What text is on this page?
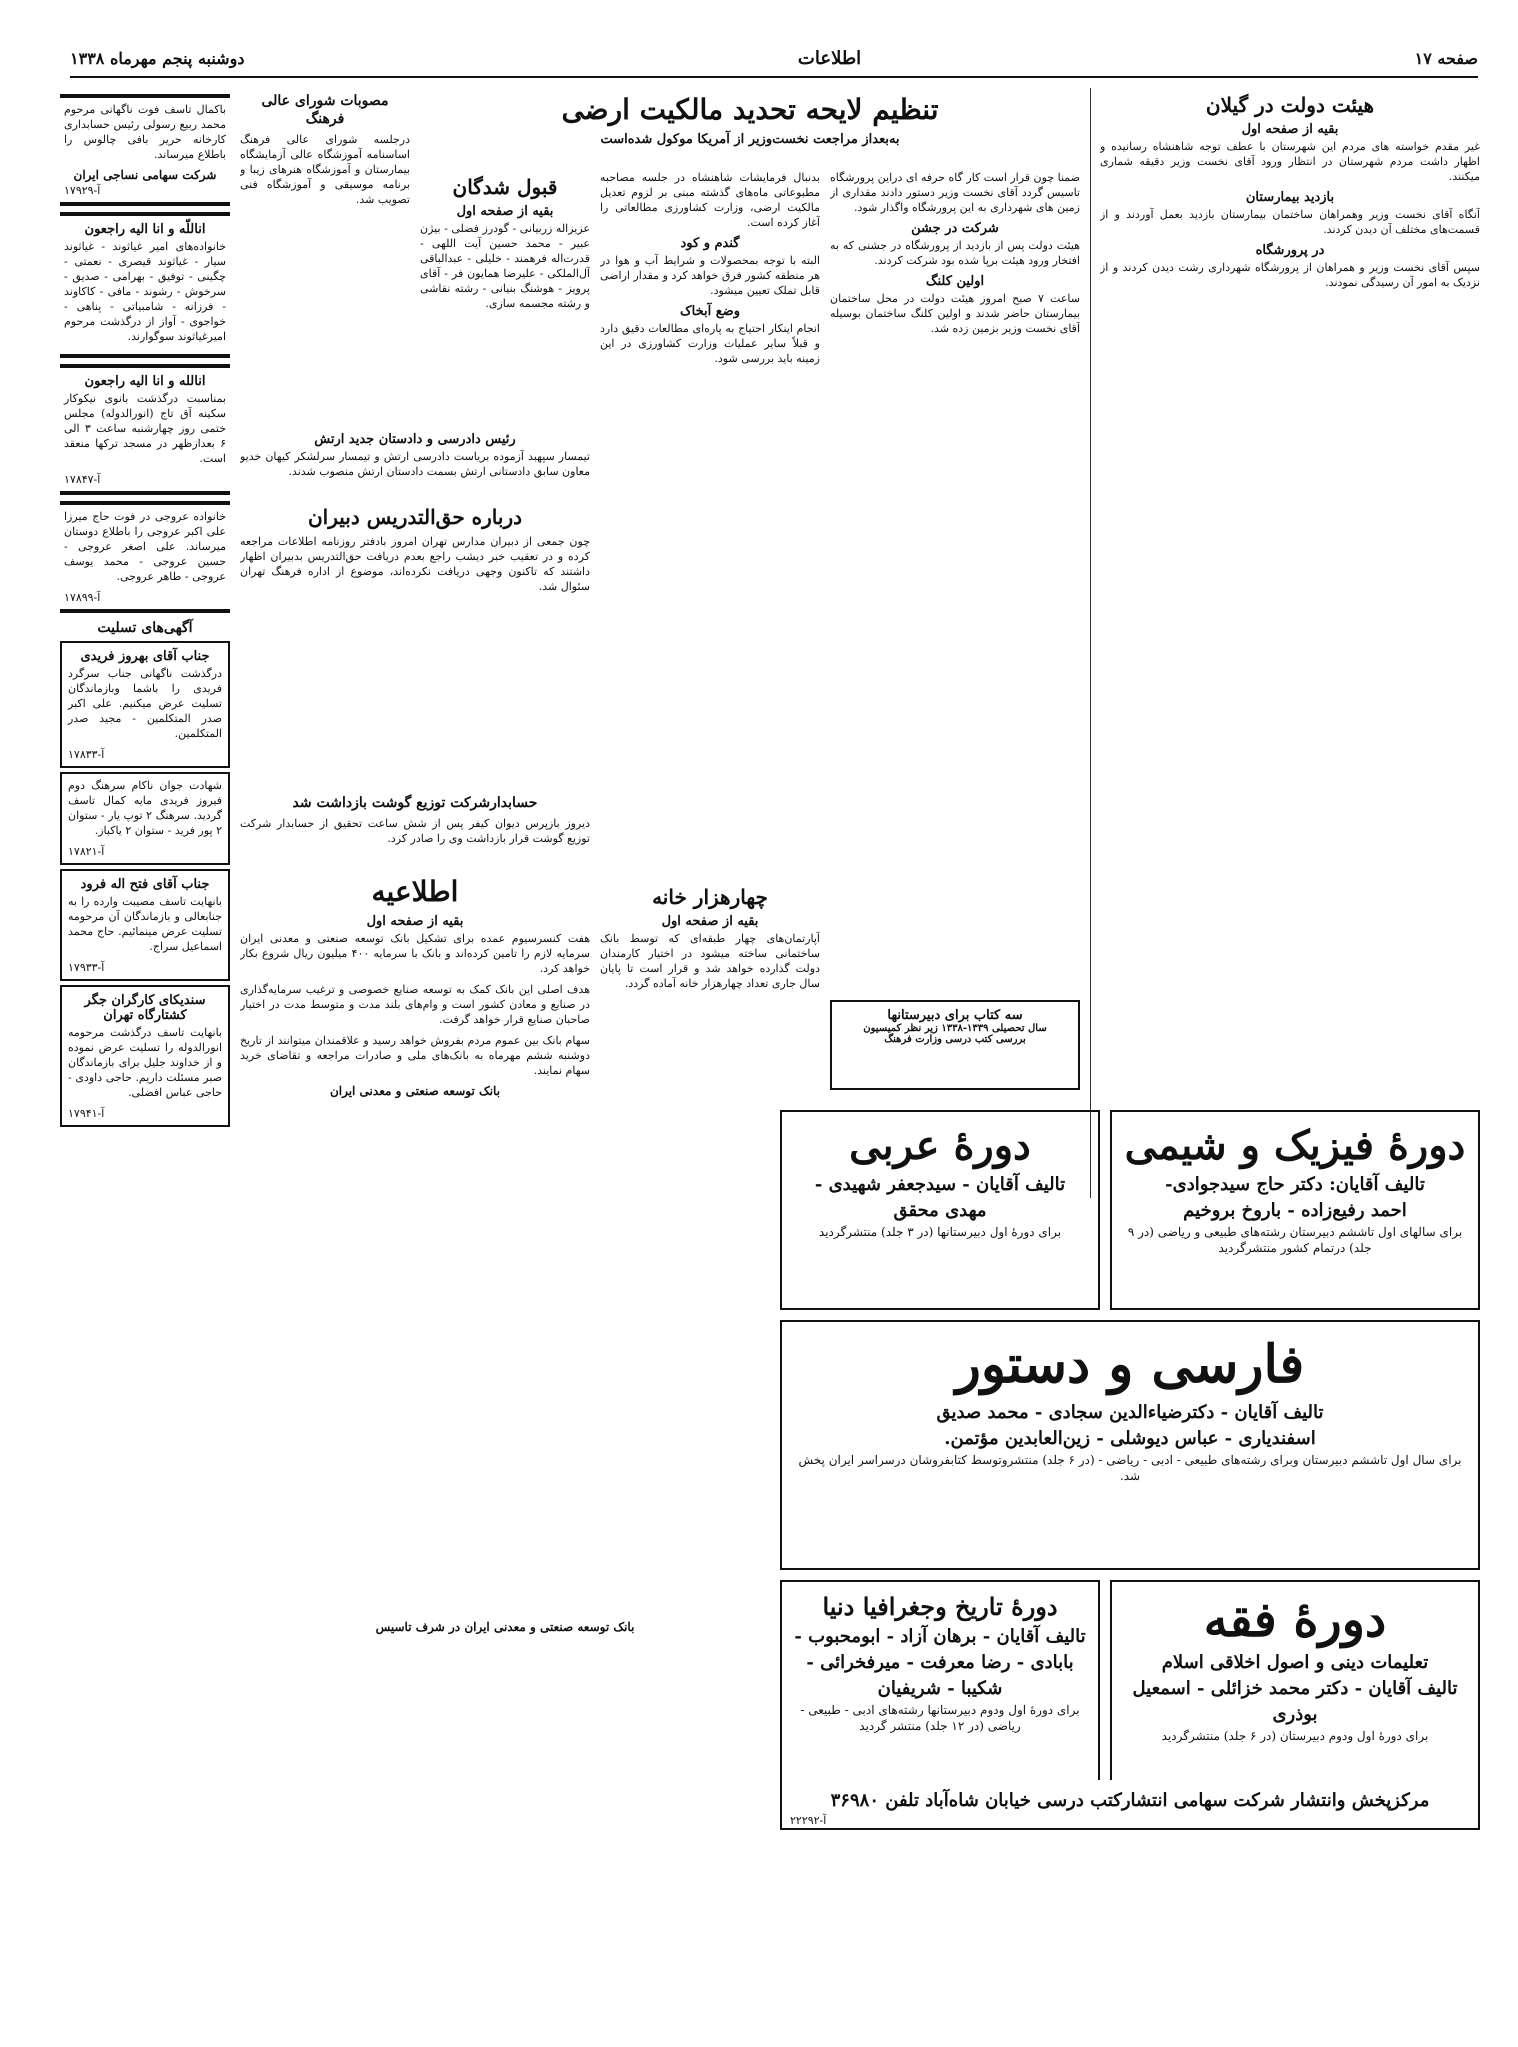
صفحه ۱۷
اطلاعات
دوشنبه پنجم مهرماه ۱۳۳۸
هیئت دولت در گیلان
بقیه از صفحه اول

غیر مقدم خواسته های مردم این شهرستان با عطف توجه شاهنشاه رسانیده و اظهار داشت مردم شهرستان در انتظار ورود آقای نخست وزیر دقیقه شماری میکنند.

بازدید بیمارستان

آنگاه آقای نخست وزیر وهمراهان ساختمان بیمارستان بازدید بعمل آوردند و از قسمت‌های مختلف آن دیدن کردند.

در پرورشگاه

سپس آقای نخست وزیر و همراهان از پرورشگاه شهرداری رشت دیدن کردند و از نزدیک به امور آن رسیدگی نمودند.

ضمنا چون قرار است کار گاه حرفه ای دراین پرورشگاه تاسیس گردد آقای نخست وزیر دستور دادند مقداری از زمین های شهرداری به این پرورشگاه واگذار شود.

شرکت در جشن

هیئت دولت پس از بازدید از پرورشگاه در جشنی که به افتخار ورود هیئت برپا شده بود شرکت کردند.

اولین کلنگ

ساعت ۷ صبح امروز هیئت دولت در محل ساختمان بیمارستان حاضر شدند و اولین کلنگ ساختمان بوسیله آقای نخست وزیر بزمین زده شد.

تنظیم لایحه تحدید مالکیت ارضی
به‌بعداز مراجعت نخست‌وزیر از آمریکا موکول شده‌است

بدنبال فرمایشات شاهنشاه در جلسه مصاحبه مطبوعاتی ماه‌های گذشته مبنی بر لزوم تعدیل مالکیت ارضی، وزارت کشاورزی مطالعاتی را آغاز کرده است.

گندم و کود

البته با توجه بمحصولات و شرایط آب و هوا در هر منطقه کشور فرق خواهد کرد و مقدار اراضی قابل تملک تعیین میشود.

وضع آبخاک

انجام اینکار احتیاج به پاره‌ای مطالعات دقیق دارد و قبلاً سایر عملیات وزارت کشاورزی در این زمینه باید بررسی شود.

قبول شدگان
بقیه از صفحه اول

عزیزاله زربیانی - گودرز فضلی - بیژن عبیر - محمد حسین آیت اللهی - قدرت‌اله فرهمند - خلیلی - عبدالباقی آل‌الملکی - علیرضا همایون فر - آقای پرویز - هوشنگ بنیانی - رشته‌ نقاشی و رشته مجسمه سازی.

چهارهزار خانه
بقیه از صفحه اول

آپارتمان‌های چهار طبقه‌ای که توسط بانک ساختمانی ساخته میشود در اختیار کارمندان دولت گذارده خواهد شد و قرار است تا پایان سال جاری تعداد چهارهزار خانه آماده گردد.

مصوبات شورای عالی فرهنگ

درجلسه شورای عالی فرهنگ اساسنامه آموزشگاه عالی آزمایشگاه بیمارستان و آموزشگاه هنرهای زیبا و برنامه موسیقی و آموزشگاه فنی تصویب شد.

رئیس دادرسی و دادستان جدید ارتش

تیمسار سپهبد آزموده بریاست دادرسی ارتش و تیمسار سرلشکر کیهان خدیو معاون سابق دادستانی ارتش بسمت دادستان ارتش منصوب شدند.

درباره حق‌التدریس دبیران

چون جمعی از دبیران مدارس تهران امروز بادفتر روزنامه اطلاعات مراجعه کرده و در تعقیب خبر دیشب راجع بعدم دریافت حق‌التدریس بدبیران اظهار داشتند که تاکنون وجهی دریافت نکرده‌اند، موضوع از اداره فرهنگ تهران سئوال شد.

حسابدارشرکت توزیع گوشت بازداشت شد

دیروز بازپرس دیوان کیفر پس از شش ساعت تحقیق از حسابدار شرکت توزیع گوشت قرار بازداشت وی را صادر کرد.

اطلاعیه
بقیه از صفحه اول

هفت کنسرسیوم عمده برای تشکیل بانک توسعه صنعتی و معدنی ایران سرمایه لازم را تامین کرده‌اند و بانک با سرمایه ۴۰۰ میلیون ریال شروع بکار خواهد کرد.

هدف اصلی این بانک کمک به توسعه صنایع خصوصی و ترغیب سرمایه‌گذاری در صنایع و معادن کشور است و وام‌های بلند مدت و متوسط مدت در اختیار صاحبان صنایع قرار خواهد گرفت.

سهام بانک بین عموم مردم بفروش خواهد رسید و علاقمندان میتوانند از تاریخ دوشنبه ششم مهرماه به بانک‌های ملی و صادرات مراجعه و تقاضای خرید سهام نمایند.

بانک توسعه صنعتی و معدنی ایران

باکمال تاسف فوت ناگهانی مرحوم محمد ربیع رسولی رئیس حسابداری کارخانه حریر بافی چالوس را باطلاع میرساند.

شرکت سهامی نساجی ایران
آ-۱۷۹۲۹
اناللّه و انا الیه راجعون

خانواده‌های امیر غیاثوند - غیاثوند سیار - غیاثوند قیصری - نعمتی - چگینی - توفیق - بهرامی - صدیق - سرخوش - رشوند - مافی - کاکاوند - فرزانه - شامبیاتی - پناهی - خواجوی - آواز از درگذشت مرحوم امیرغیاثوند سوگوارند.

انالله و انا الیه راجعون

بمناسبت درگذشت بانوی نیکوکار سکینه آق تاج (انورالدوله) مجلس ختمی روز چهارشنبه ساعت ۳ الی ۶ بعدازظهر در مسجد ترکها منعقد است.

آ-۱۷۸۴۷

خانواده عروجی در فوت حاج میرزا علی اکبر عروجی را باطلاع دوستان میرساند. علی اصغر عروجی - حسین عروجی - محمد یوسف عروجی - طاهر عروجی.

آ-۱۷۸۹۹
آگهی‌های تسلیت
جناب آقای بهروز فریدی

درگذشت ناگهانی جناب سرگرد فریدی را باشما وبازماندگان تسلیت عرض میکنیم. علی اکبر صدر المتکلمین - مجید صدر المتکلمین.

آ-۱۷۸۳۳

شهادت جوان ناکام سرهنگ دوم فیروز فریدی مایه کمال تاسف گردید. سرهنگ ۲ توپ یار - ستوان ۲ پور فرید - ستوان ۲ یاکباز.

آ-۱۷۸۲۱
جناب آقای فتح اله فرود

بانهایت تاسف مصیبت وارده را به جنابعالی و بازماندگان آن مرحومه تسلیت عرض مینمائیم. حاج محمد اسماعیل سراج.

آ-۱۷۹۳۳
سندیکای کارگران جگر کشتارگاه تهران

بانهایت تاسف درگذشت مرحومه انورالدوله را تسلیت عرض نموده و از خداوند جلیل برای بازماندگان صبر مسئلت داریم. حاجی داودی - حاجی عباس افضلی.

آ-۱۷۹۴۱
سه کتاب برای دبیرستانها
سال تحصیلی ۱۳۳۹-۱۳۳۸ زیر نظر کمیسیون
بررسی کتب درسی وزارت فرهنگ
دورهٔ فیزیک و شیمی
تالیف آقایان: دکتر حاج سیدجوادی-
احمد رفیع‌زاده - باروخ بروخیم
برای سالهای اول تاششم دبیرستان رشته‌های طبیعی و ریاضی (در ۹ جلد) درتمام کشور منتشرگردید
دورهٔ عربی
تالیف آقایان - سیدجعفر شهیدی -
مهدی محقق
برای دورهٔ اول دبیرستانها (در ۳ جلد) منتشرگردید
فارسی و دستور
تالیف آقایان - دکترضیاءالدین سجادی - محمد صدیق
اسفندیاری - عباس دیوشلی - زین‌العابدین مؤتمن.
برای سال اول تاششم دبیرستان وبرای رشته‌های طبیعی - ادبی - ریاضی - (در ۶ جلد) منتشروتوسط کتابفروشان درسراسر ایران پخش شد.
دورهٔ فقه
تعلیمات دینی و اصول اخلاقی اسلام
تالیف آقایان - دکتر محمد خزائلی - اسمعیل بوذری
برای دورهٔ اول ودوم دبیرستان (در ۶ جلد) منتشرگردید
دورهٔ تاریخ وجغرافیا دنیا
تالیف آقایان - برهان آزاد - ابومحبوب -
بابادی - رضا معرفت - میرفخرائی - شکیبا - شریفیان
برای دورهٔ اول ودوم دبیرستانها رشته‌های ادبی - طبیعی - ریاضی (در ۱۲ جلد) منتشر گردید
مرکزپخش وانتشار شرکت سهامی انتشارکتب درسی خیابان شاه‌آباد تلفن ۳۶۹۸۰
آ-۲۲۲۹۲
بانک توسعه صنعتی و معدنی ایران در شرف تاسیس
